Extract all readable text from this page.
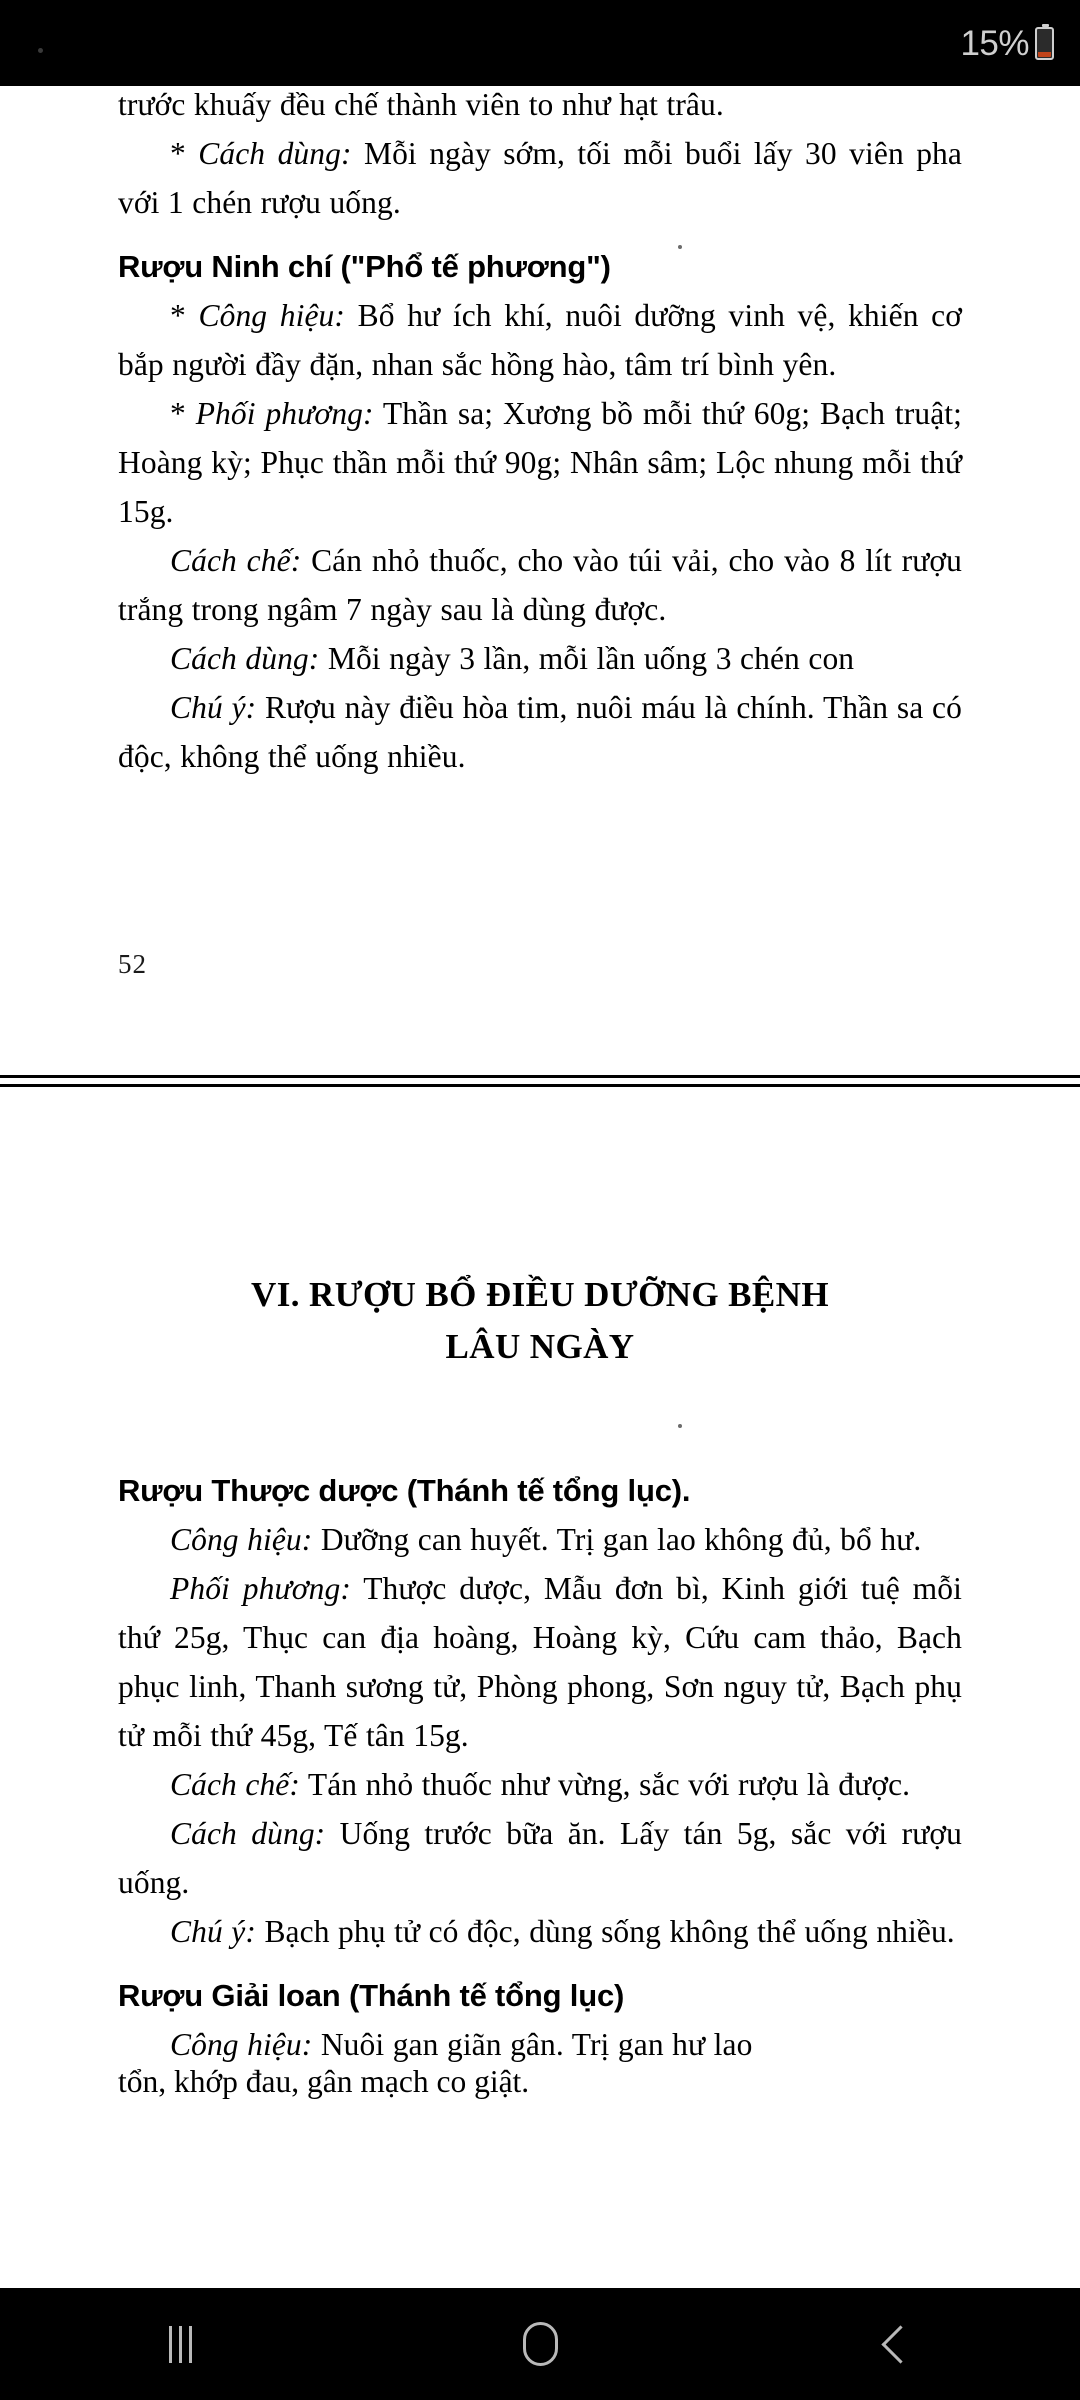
15%

trước khuấy đều chế thành viên to như hạt trâu.

* Cách dùng: Mỗi ngày sớm, tối mỗi buổi lấy 30 viên pha với 1 chén rượu uống.

Rượu Ninh chí ("Phổ tế phương")

* Công hiệu: Bổ hư ích khí, nuôi dưỡng vinh vệ, khiến cơ bắp người đầy đặn, nhan sắc hồng hào, tâm trí bình yên.

* Phối phương: Thần sa; Xương bồ mỗi thứ 60g; Bạch truật; Hoàng kỳ; Phục thần mỗi thứ 90g; Nhân sâm; Lộc nhung mỗi thứ 15g.

Cách chế: Cán nhỏ thuốc, cho vào túi vải, cho vào 8 lít rượu trắng trong ngâm 7 ngày sau là dùng được.

Cách dùng: Mỗi ngày 3 lần, mỗi lần uống 3 chén con

Chú ý: Rượu này điều hòa tim, nuôi máu là chính. Thần sa có độc, không thể uống nhiều.

52
VI. RƯỢU BỔ ĐIỀU DƯỠNG BỆNH
LÂU NGÀY
Rượu Thược dược (Thánh tế tổng lục).

Công hiệu: Dưỡng can huyết. Trị gan lao không đủ, bổ hư.

Phối phương: Thược dược, Mẫu đơn bì, Kinh giới tuệ mỗi thứ 25g, Thục can địa hoàng, Hoàng kỳ, Cứu cam thảo, Bạch phục linh, Thanh sương tử, Phòng phong, Sơn nguy tử, Bạch phụ tử mỗi thứ 45g, Tế tân 15g.

Cách chế: Tán nhỏ thuốc như vừng, sắc với rượu là được.

Cách dùng: Uống trước bữa ăn. Lấy tán 5g, sắc với rượu uống.

Chú ý: Bạch phụ tử có độc, dùng sống không thể uống nhiều.

Rượu Giải loan (Thánh tế tổng lục)

Công hiệu: Nuôi gan giãn gân. Trị gan hư lao

tổn, khớp đau, gân mạch co giật.
